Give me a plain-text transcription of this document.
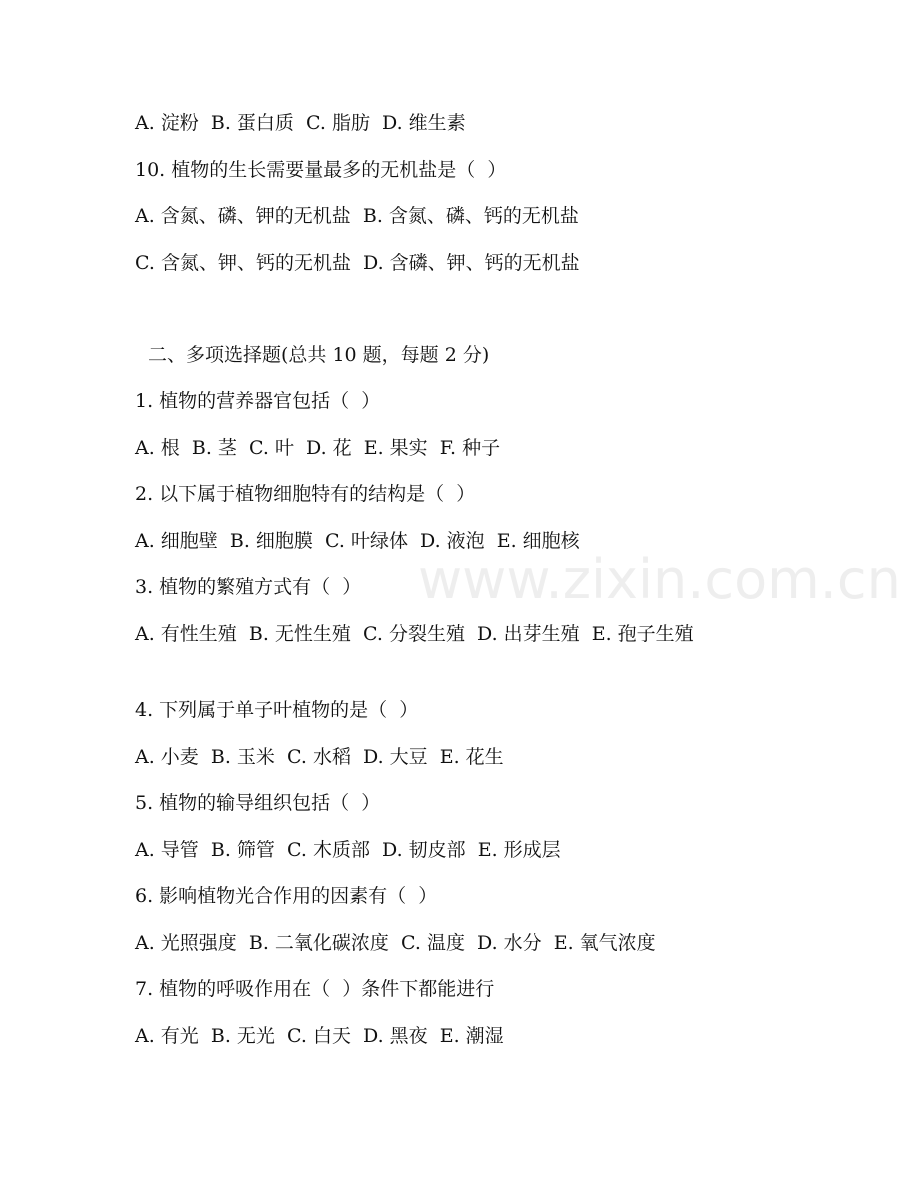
A. 淀粉  B. 蛋白质  C. 脂肪  D. 维生素
10. 植物的生长需要量最多的无机盐是（  ）
A. 含氮、磷、钾的无机盐  B. 含氮、磷、钙的无机盐
C. 含氮、钾、钙的无机盐  D. 含磷、钾、钙的无机盐
二、多项选择题(总共 10 题，每题 2 分)
1. 植物的营养器官包括（  ）
A. 根  B. 茎  C. 叶  D. 花  E. 果实  F. 种子
2. 以下属于植物细胞特有的结构是（  ）
A. 细胞壁  B. 细胞膜  C. 叶绿体  D. 液泡  E. 细胞核
3. 植物的繁殖方式有（  ）
A. 有性生殖  B. 无性生殖  C. 分裂生殖  D. 出芽生殖  E. 孢子生殖
4. 下列属于单子叶植物的是（  ）
A. 小麦  B. 玉米  C. 水稻  D. 大豆  E. 花生
5. 植物的输导组织包括（  ）
A. 导管  B. 筛管  C. 木质部  D. 韧皮部  E. 形成层
6. 影响植物光合作用的因素有（  ）
A. 光照强度  B. 二氧化碳浓度  C. 温度  D. 水分  E. 氧气浓度
7. 植物的呼吸作用在（  ）条件下都能进行
A. 有光  B. 无光  C. 白天  D. 黑夜  E. 潮湿
www.zixin.com.cn
